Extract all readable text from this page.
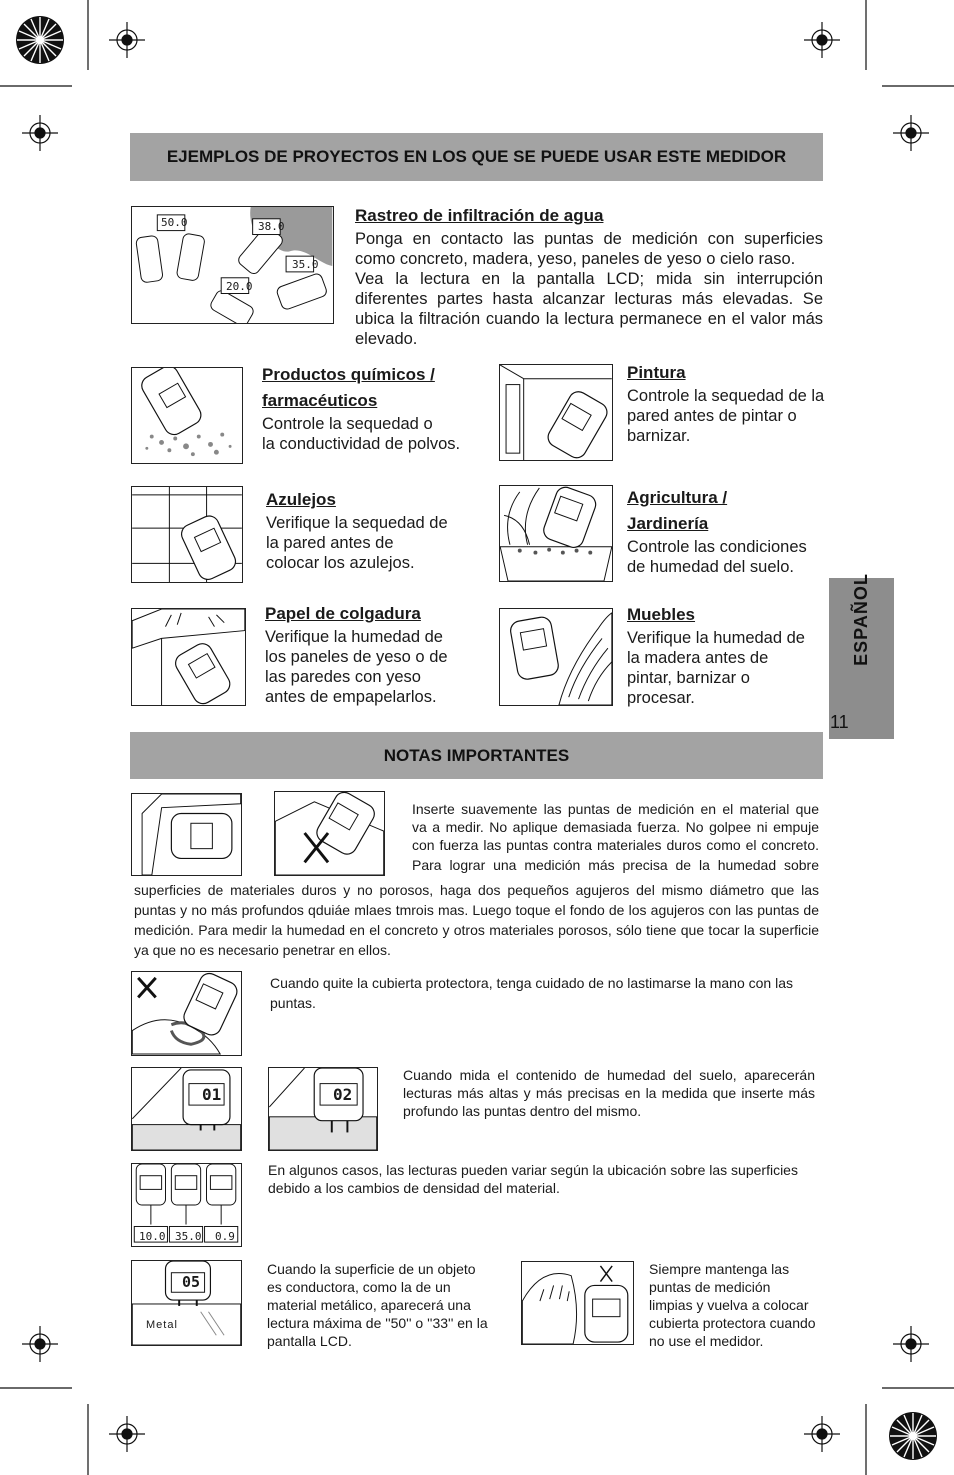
EJEMPLOS DE PROYECTOS EN LOS QUE SE PUEDE USAR ESTE MEDIDOR
50.0	38.0
35.0
20.0
Rastreo de infiltración de agua
Ponga en contacto las puntas de medición con superficies como concreto, madera, yeso, paneles de yeso o cielo raso.
Vea la lectura en la pantalla LCD; mida sin interrupción diferentes partes hasta alcanzar lecturas más elevadas. Se ubica la filtración cuando la lectura permanece en el valor más elevado.
Productos químicos /
farmacéuticos
Controle la sequedad o
la conductividad de polvos.
Pintura
Controle la sequedad de la
pared antes de pintar o
barnizar.
Azulejos
Verifique la sequedad de
la pared antes de
colocar los azulejos.
Agricultura /
Jardinería
Controle las condiciones
de humedad del suelo.
Papel de colgadura
Verifique la humedad de
los paneles de yeso o de
las paredes con yeso
antes de empapelarlos.
Muebles
Verifique la humedad de
la madera antes de
pintar, barnizar o
procesar.
ESPAÑOL
11
NOTAS IMPORTANTES
Inserte suavemente las puntas de medición en el material que
va a medir. No aplique demasiada fuerza. No golpee ni empuje
con fuerza las puntas contra materiales duros como el concreto.
Para lograr una medición más precisa de la humedad sobre
superficies de materiales duros y no porosos, haga dos pequeños agujeros del mismo diámetro que las puntas y no más profundos qduiáe mlaes tmrois mas. Luego toque el fondo de los agujeros con las puntas de medición. Para medir la humedad en el concreto y otros materiales porosos, sólo tiene que tocar la superficie ya que no es necesario penetrar en ellos.
Cuando quite la cubierta protectora, tenga cuidado de no lastimarse la mano con las puntas.
01	02
Cuando mida el contenido de humedad del suelo, aparecerán lecturas más altas y más precisas en la medida que inserte más profundo las puntas dentro del mismo.
10.0 35.0 0.9
En algunos casos, las lecturas pueden variar según la ubicación sobre las superficies debido a los cambios de densidad del material.
05
Metal
Cuando la superficie de un objeto
es conductora, como la de un
material metálico, aparecerá una
lectura máxima de ''50'' o ''33'' en la
pantalla LCD.
Siempre mantenga las
puntas de medición
limpias y vuelva a colocar
cubierta protectora cuando
no use el medidor.
